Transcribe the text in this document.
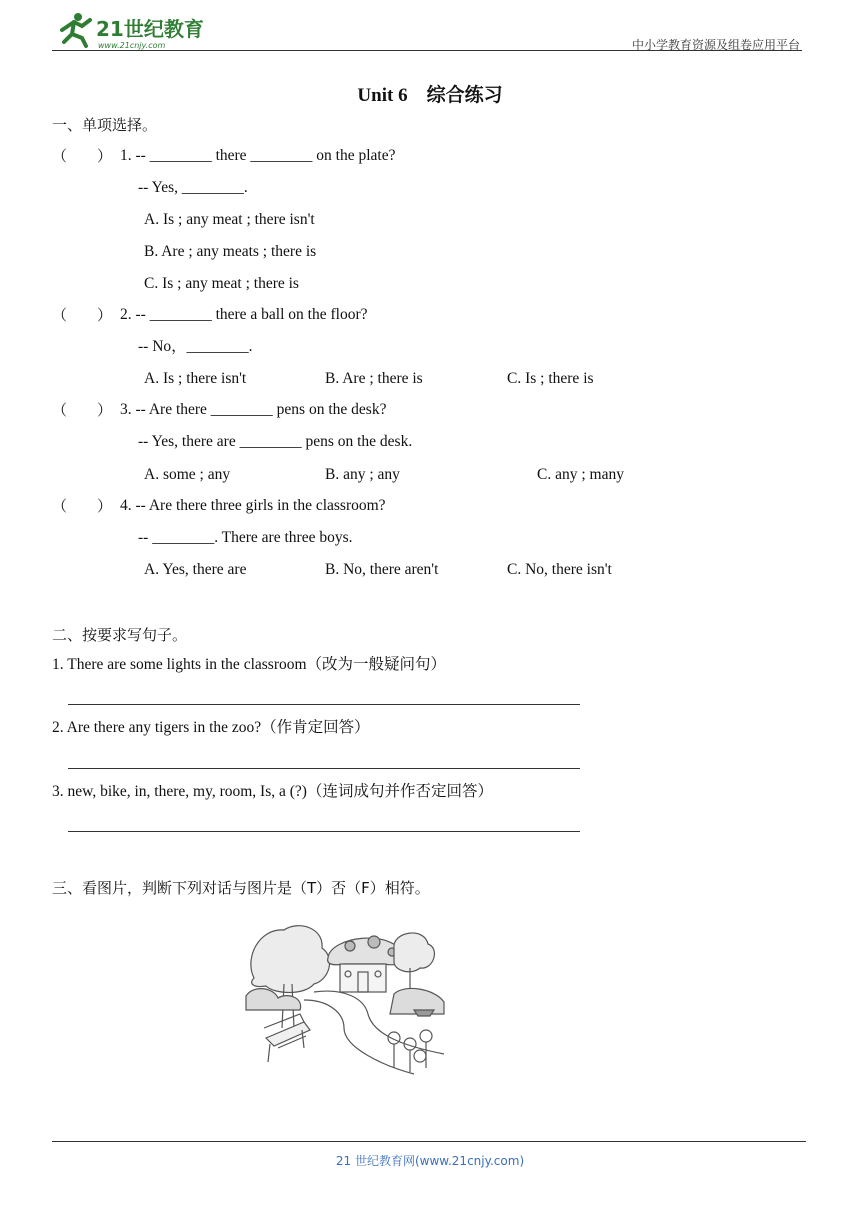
21世纪教育
www.21cnjy.com	中小学教育资源及组卷应用平台
Unit 6　综合练习
一、单项选择。
（　　） 1. -- ________ there ________ on the plate?
-- Yes, ________.
A. Is ; any meat ; there isn't
B. Are ; any meats ; there is
C. Is ; any meat ; there is
（　　） 2. -- ________ there a ball on the floor?
-- No，________.
A. Is ; there isn't	B. Are ; there is	C. Is ; there is
（　　） 3. -- Are there ________ pens on the desk?
-- Yes, there are ________ pens on the desk.
A. some ; any	B. any ; any	C. any ; many
（　　） 4. -- Are there three girls in the classroom?
-- ________. There are three boys.
A. Yes, there are	B. No, there aren't	C. No, there isn't
二、按要求写句子。
1. There are some lights in the classroom（改为一般疑问句）
2. Are there any tigers in the zoo?（作肯定回答）
3. new, bike, in, there, my, room, Is, a (?)（连词成句并作否定回答）
三、看图片，判断下列对话与图片是（T）否（F）相符。
21 世纪教育网(www.21cnjy.com)
